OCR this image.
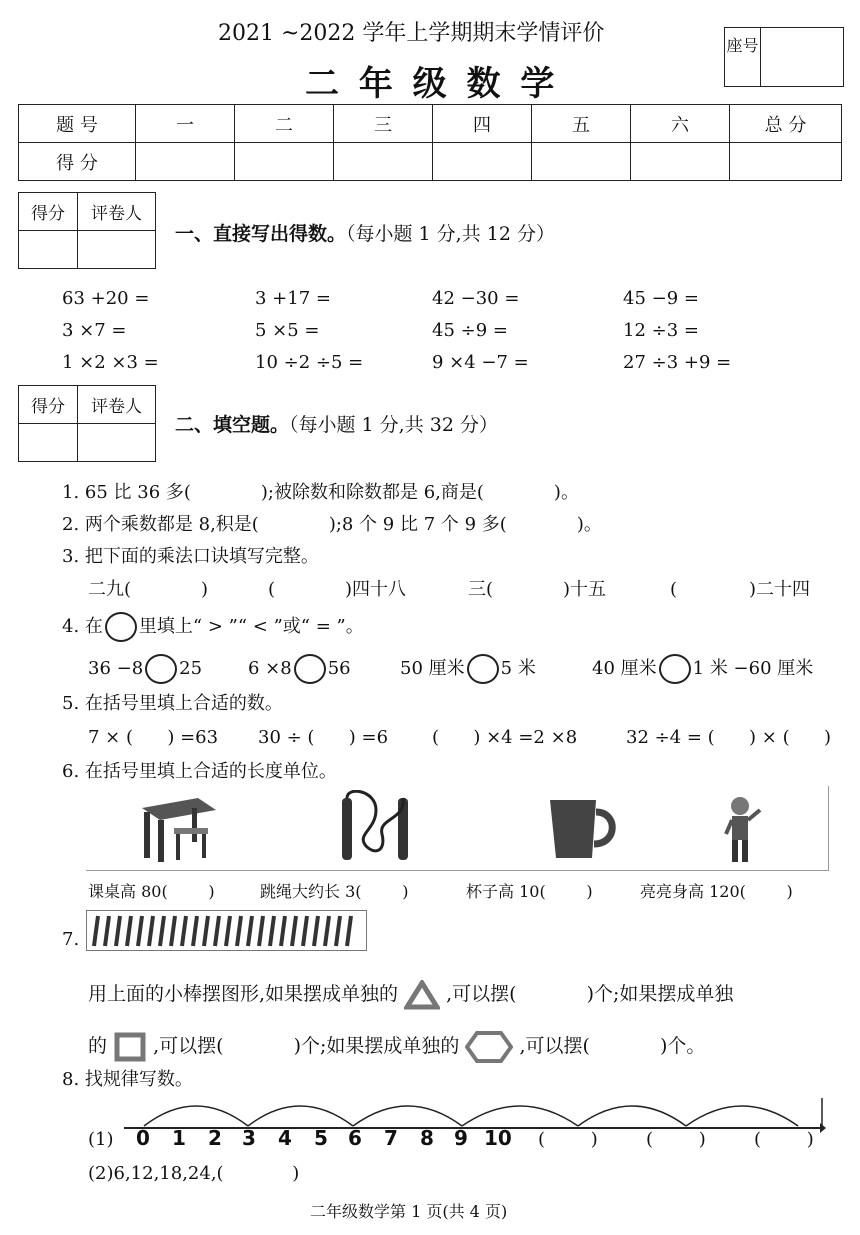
2021 ~2022 学年上学期期末学情评价
二 年 级 数 学
座号
题 号	一	二	三	四	五	六	总 分
得 分							
得分	评卷人

一、直接写出得数。（每小题 1 分,共 12 分）
63 +20 =	3 +17 =	42 −30 =	45 −9 =
3 ×7 =	5 ×5 =	45 ÷9 =	12 ÷3 =
1 ×2 ×3 =	10 ÷2 ÷5 =	9 ×4 −7 =	27 ÷3 +9 =
得分	评卷人

二、填空题。（每小题 1 分,共 32 分）
1. 65 比 36 多(	);被除数和除数都是 6,商是(	)。
2. 两个乘数都是 8,积是(	);8 个 9 比 7 个 9 多(	)。
3. 把下面的乘法口诀填写完整。
二九(	)	(	)四十八	三(	)十五	(	)二十四
4. 在 里填上“ > ”“ < ”或“ = ”。
36 −8 25	6 ×8 56	50 厘米 5 米	40 厘米 1 米 −60 厘米
5. 在括号里填上合适的数。
7 × (      ) =63 30 ÷ (      ) =6 (      ) ×4 =2 ×8	32 ÷4 = (      ) × (      )
6. 在括号里填上合适的长度单位。
课桌高 80(        )	跳绳大约长 3(        )	杯子高 10(        )	亮亮身高 120(        )
7.
用上面的小棒摆图形,如果摆成单独的	,可以摆(	)个;如果摆成单独
的 ,可以摆(	)个;如果摆成单独的	,可以摆(	)个。
8. 找规律写数。
(1) 0 1 2 3 4 5 6 7 8 9 10 (        )	(        )	(        )
(2)6,12,18,24,(            )
二年级数学第 1 页(共 4 页)
